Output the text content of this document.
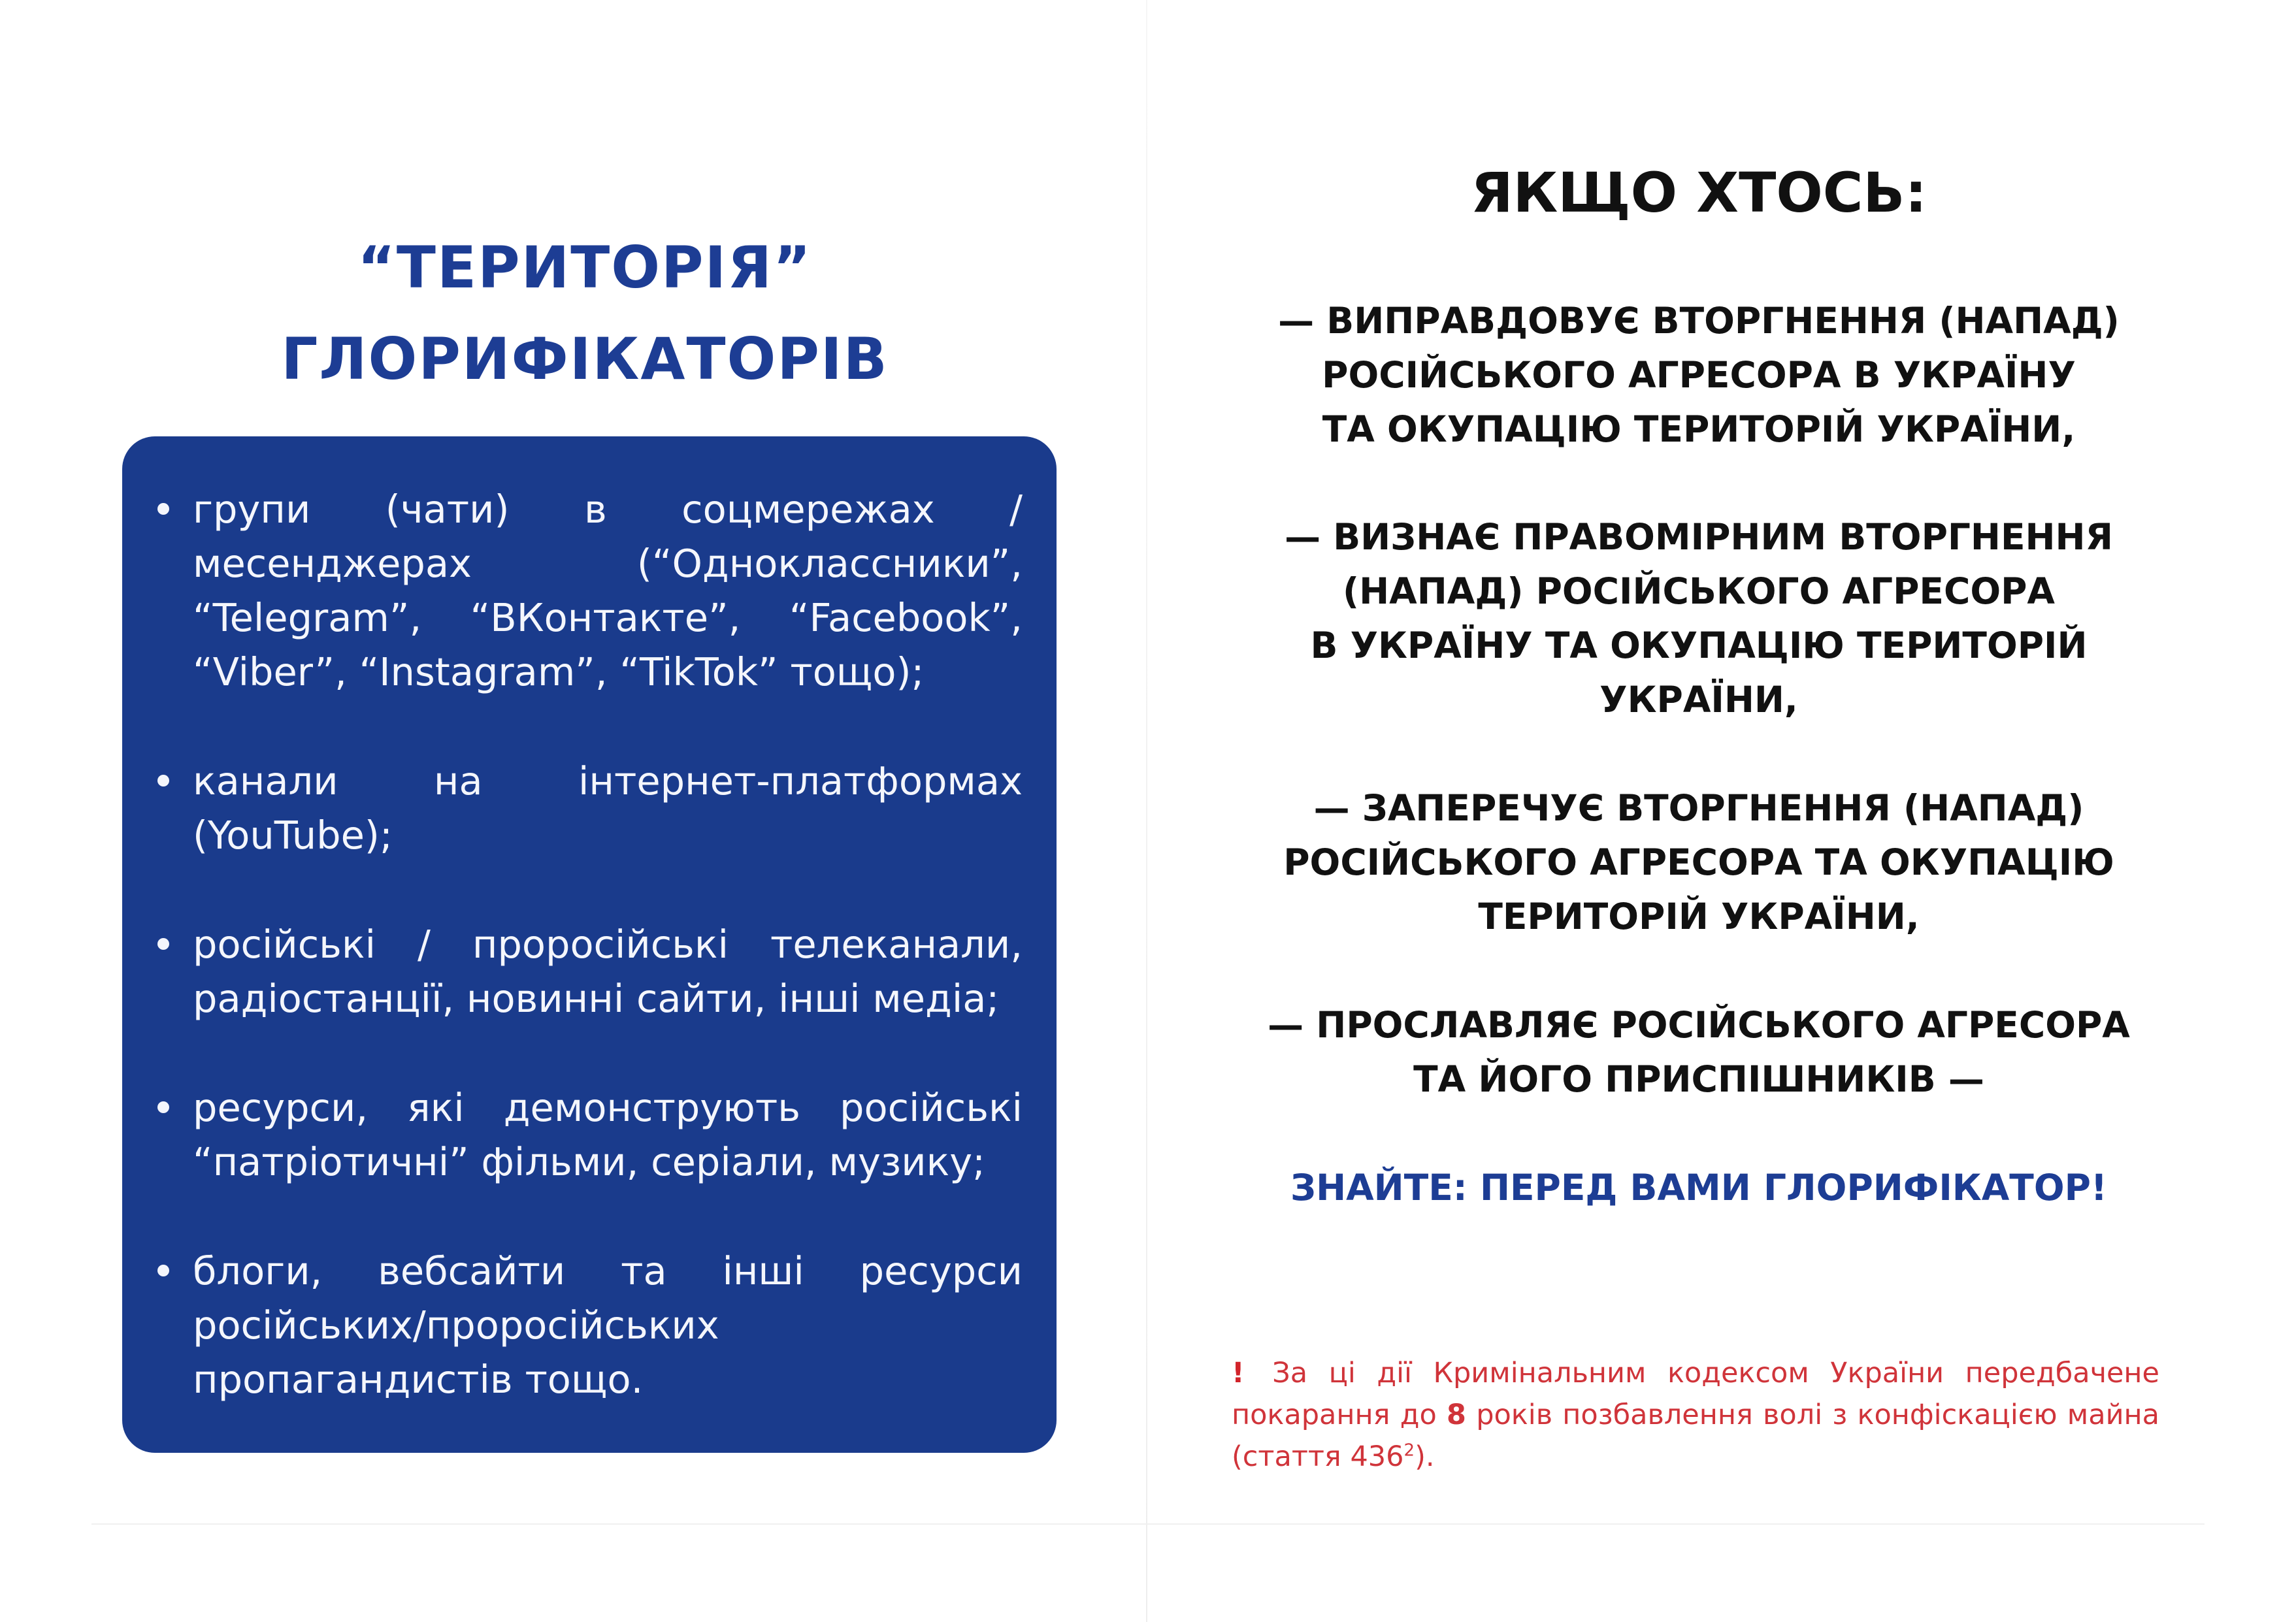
“ТЕРИТОРІЯ”
ГЛОРИФІКАТОРІВ
групи (чати) в соцмережах / месенджерах (“Одноклассники”, “Telegram”, “ВКонтакте”, “Facebook”, “Viber”, “Instagram”, “TikTok” тощо);
канали на інтернет-платформах (YouTube);
російські / проросійські телеканали, радіостанції, новинні сайти, інші медіа;
ресурси, які демонструють російські “патріотичні” фільми, серіали, музику;
блоги, вебсайти та інші ресурси російських/проросійських пропагандистів тощо.
ЯКЩО ХТОСЬ:
— ВИПРАВДОВУЄ ВТОРГНЕННЯ (НАПАД)
РОСІЙСЬКОГО АГРЕСОРА В УКРАЇНУ
ТА ОКУПАЦІЮ ТЕРИТОРІЙ УКРАЇНИ,
— ВИЗНАЄ ПРАВОМІРНИМ ВТОРГНЕННЯ
(НАПАД) РОСІЙСЬКОГО АГРЕСОРА
В УКРАЇНУ ТА ОКУПАЦІЮ ТЕРИТОРІЙ
УКРАЇНИ,
— ЗАПЕРЕЧУЄ ВТОРГНЕННЯ (НАПАД)
РОСІЙСЬКОГО АГРЕСОРА ТА ОКУПАЦІЮ
ТЕРИТОРІЙ УКРАЇНИ,
— ПРОСЛАВЛЯЄ РОСІЙСЬКОГО АГРЕСОРА
ТА ЙОГО ПРИСПІШНИКІВ —
ЗНАЙТЕ: ПЕРЕД ВАМИ ГЛОРИФІКАТОР!
! За ці дії Кримінальним кодексом України передбачене покарання до 8 років позбавлення волі з конфіскацією майна (стаття $436^2$).
